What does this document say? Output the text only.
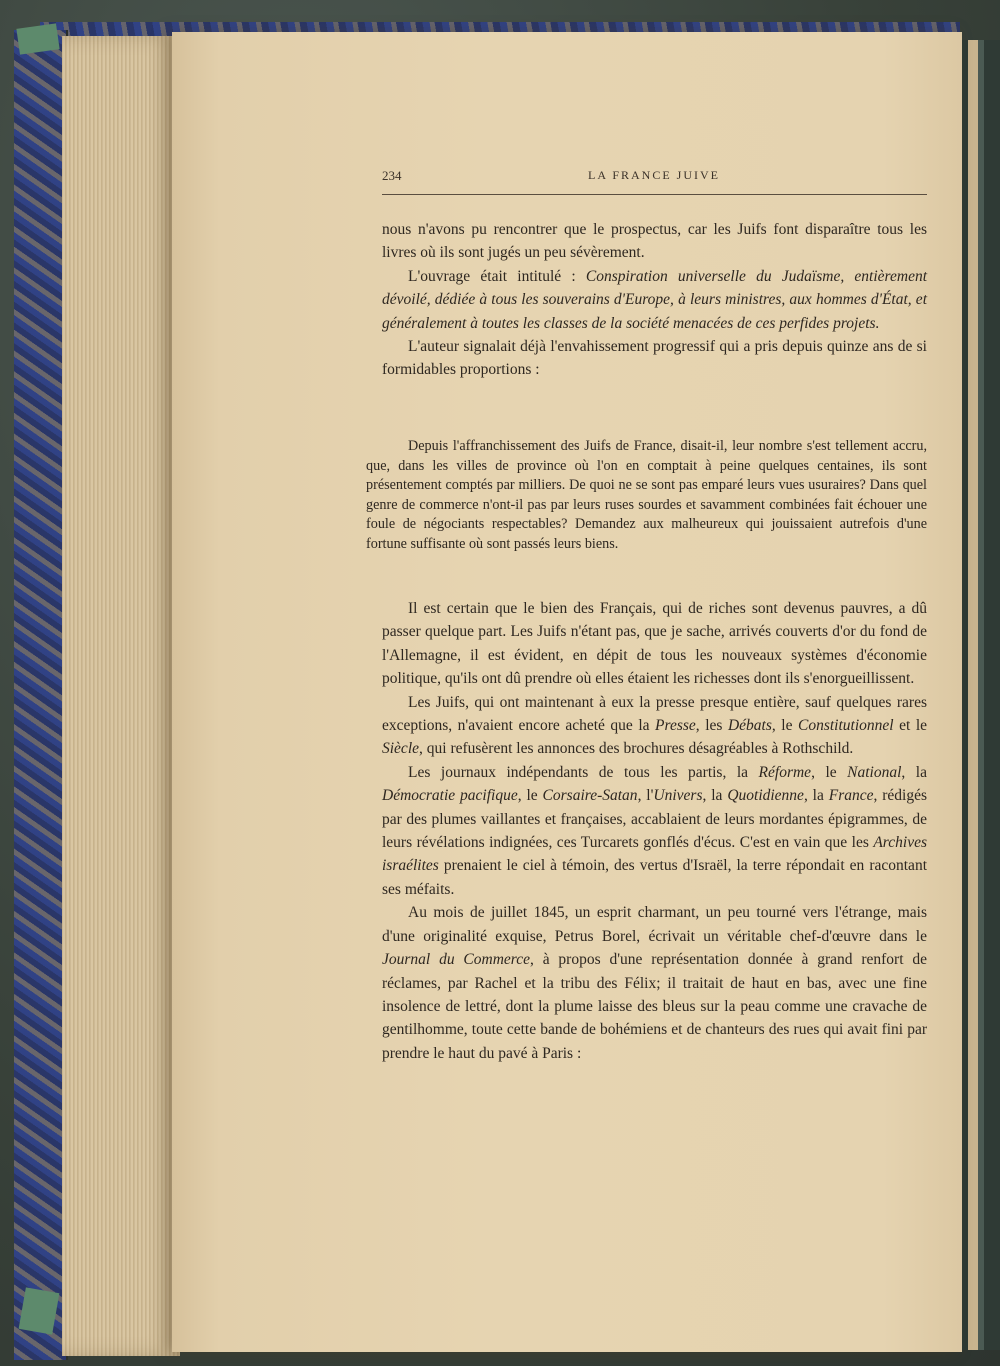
234	LA FRANCE JUIVE

nous n'avons pu rencontrer que le prospectus, car les Juifs font disparaître tous les livres où ils sont jugés un peu sévèrement.

L'ouvrage était intitulé : Conspiration universelle du Judaïsme, entièrement dévoilé, dédiée à tous les souverains d'Europe, à leurs ministres, aux hommes d'État, et généralement à toutes les classes de la société menacées de ces perfides projets.

L'auteur signalait déjà l'envahissement progressif qui a pris depuis quinze ans de si formidables proportions :

Depuis l'affranchissement des Juifs de France, disait-il, leur nombre s'est tellement accru, que, dans les villes de province où l'on en comptait à peine quelques centaines, ils sont présentement comptés par milliers. De quoi ne se sont pas emparé leurs vues usuraires? Dans quel genre de commerce n'ont-il pas par leurs ruses sourdes et savamment combinées fait échouer une foule de négociants respectables? Demandez aux malheureux qui jouissaient autrefois d'une fortune suffisante où sont passés leurs biens.

Il est certain que le bien des Français, qui de riches sont devenus pauvres, a dû passer quelque part. Les Juifs n'étant pas, que je sache, arrivés couverts d'or du fond de l'Allemagne, il est évident, en dépit de tous les nouveaux systèmes d'économie politique, qu'ils ont dû prendre où elles étaient les richesses dont ils s'enorgueillissent.

Les Juifs, qui ont maintenant à eux la presse presque entière, sauf quelques rares exceptions, n'avaient encore acheté que la Presse, les Débats, le Constitutionnel et le Siècle, qui refusèrent les annonces des brochures désagréables à Rothschild.

Les journaux indépendants de tous les partis, la Réforme, le National, la Démocratie pacifique, le Corsaire-Satan, l'Univers, la Quotidienne, la France, rédigés par des plumes vaillantes et françaises, accablaient de leurs mordantes épigrammes, de leurs révélations indignées, ces Turcarets gonflés d'écus. C'est en vain que les Archives israélites prenaient le ciel à témoin, des vertus d'Israël, la terre répondait en racontant ses méfaits.

Au mois de juillet 1845, un esprit charmant, un peu tourné vers l'étrange, mais d'une originalité exquise, Petrus Borel, écrivait un véritable chef-d'œuvre dans le Journal du Commerce, à propos d'une représentation donnée à grand renfort de réclames, par Rachel et la tribu des Félix; il traitait de haut en bas, avec une fine insolence de lettré, dont la plume laisse des bleus sur la peau comme une cravache de gentilhomme, toute cette bande de bohémiens et de chanteurs des rues qui avait fini par prendre le haut du pavé à Paris :
